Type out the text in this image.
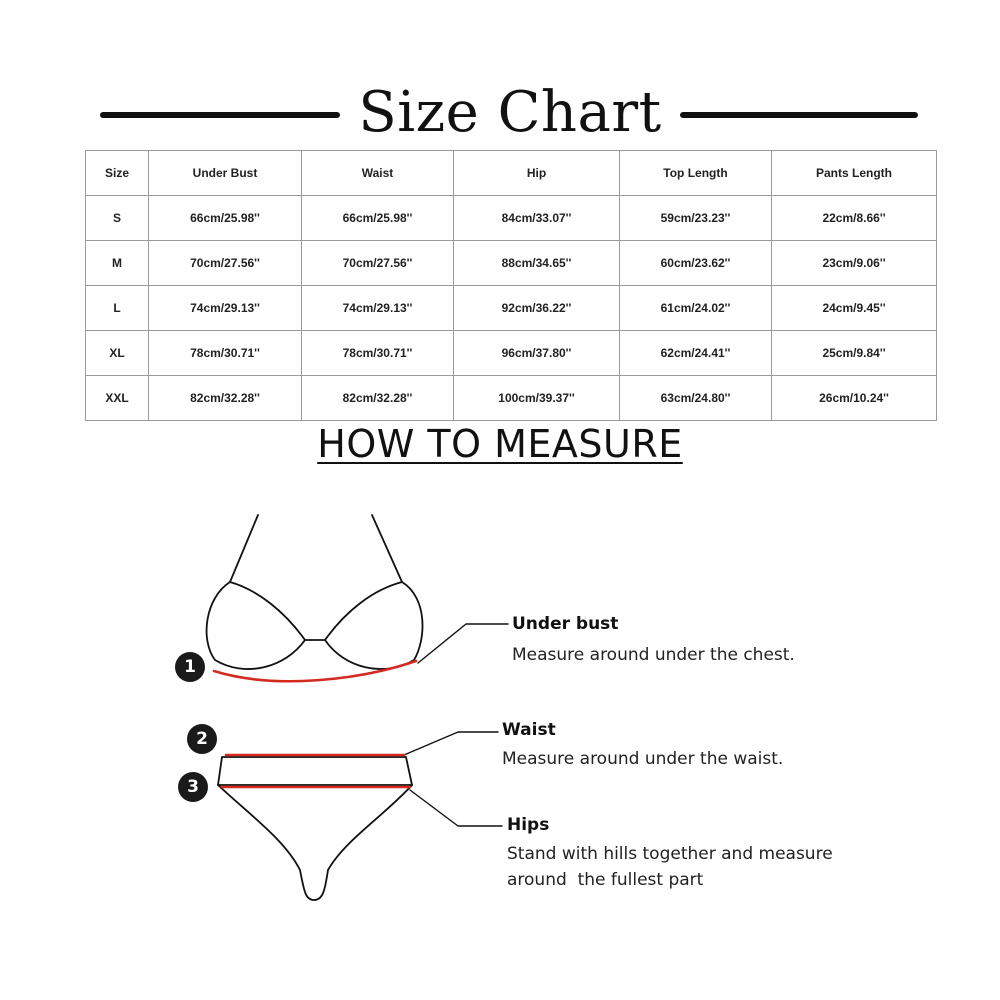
Size Chart
Size	Under Bust	Waist	Hip	Top Length	Pants Length
S	66cm/25.98''	66cm/25.98''	84cm/33.07''	59cm/23.23''	22cm/8.66''
M	70cm/27.56''	70cm/27.56''	88cm/34.65''	60cm/23.62''	23cm/9.06''
L	74cm/29.13''	74cm/29.13''	92cm/36.22''	61cm/24.02''	24cm/9.45''
XL	78cm/30.71''	78cm/30.71''	96cm/37.80''	62cm/24.41''	25cm/9.84''
XXL	82cm/32.28''	82cm/32.28''	100cm/39.37''	63cm/24.80''	26cm/10.24''
HOW TO MEASURE
1
2
3
Under bust
Measure around under the chest.
Waist
Measure around under the waist.
Hips
Stand with hills together and measure
around  the fullest part
